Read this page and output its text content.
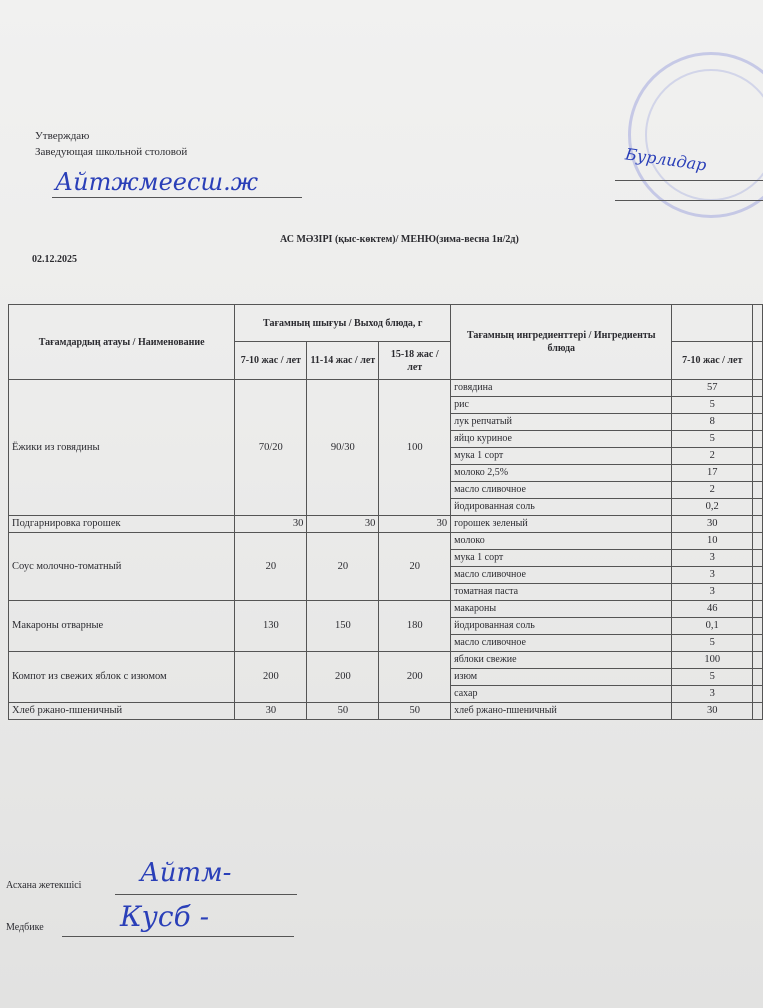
Утверждаю
Заведующая школьной столовой
Айтжмеесш.ж
Бурлидар
АС МӘЗІРІ (қыс-көктем)/ МЕНЮ(зима-весна 1н/2д)
02.12.2025
Тағамдардың атауы / Наименование	Тағамның шығуы / Выход блюда, г			Тағамның ингредиенттері / Ингредиенты блюда		
	7-10 жас / лет	11-14 жас / лет	15-18 жас / лет		7-10 жас / лет	
Ёжики из говядины	70/20	90/30	100	говядина	57	
				рис	5	
				лук репчатый	8	
				яйцо куриное	5	
				мука 1 сорт	2	
				молоко 2,5%	17	
				масло сливочное	2	
				йодированная соль	0,2	
Подгарнировка горошек	30	30	30	горошек зеленый	30	
Соус молочно-томатный	20	20	20	молоко	10	
				мука 1 сорт	3	
				масло сливочное	3	
				томатная паста	3	
Макароны отварные	130	150	180	макароны	46	
				йодированная соль	0,1	
				масло сливочное	5	
Компот из свежих яблок с изюмом	200	200	200	яблоки свежие	100	
				изюм	5	
				сахар	3	
Хлеб ржано-пшеничный	30	50	50	хлеб ржано-пшеничный	30	
Асхана жетекшісі Айтм-
Медбике	Кусб -
